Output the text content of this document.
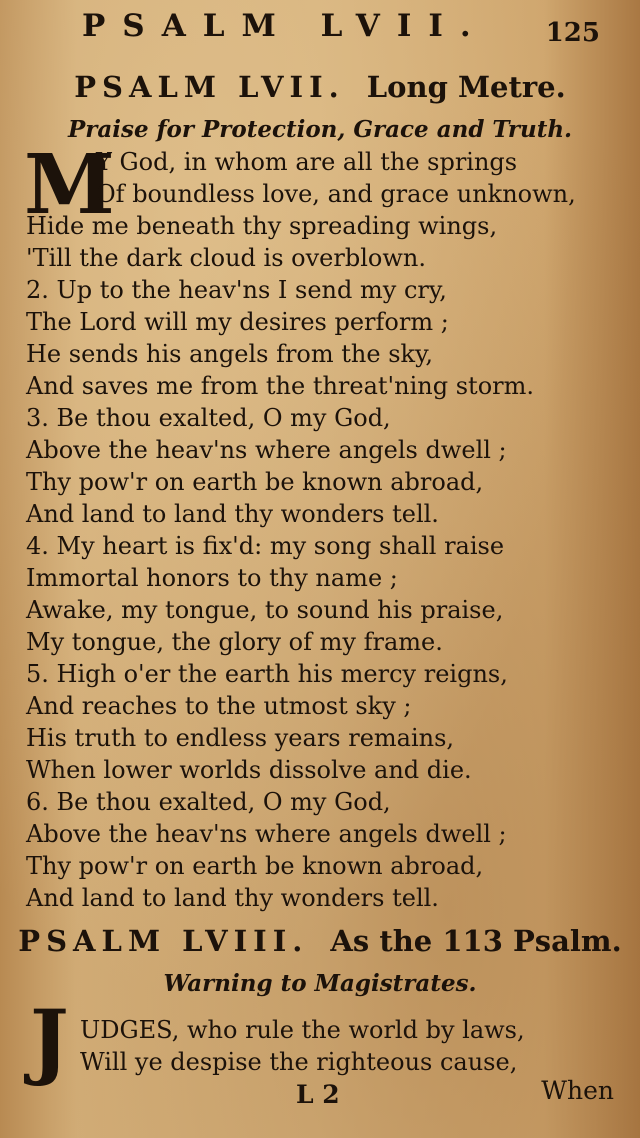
PSALM LVII. 125
PSALM LVII. Long Metre.
Praise for Protection, Grace and Truth.
M
Y God, in whom are all the springs
Of boundless love, and grace unknown,
Hide me beneath thy spreading wings,
'Till the dark cloud is overblown.
2. Up to the heav'ns I send my cry,
The Lord will my desires perform ;
He sends his angels from the sky,
And saves me from the threat'ning storm.
3. Be thou exalted, O my God,
Above the heav'ns where angels dwell ;
Thy pow'r on earth be known abroad,
And land to land thy wonders tell.
4. My heart is fix'd: my song shall raise
Immortal honors to thy name ;
Awake, my tongue, to sound his praise,
My tongue, the glory of my frame.
5. High o'er the earth his mercy reigns,
And reaches to the utmost sky ;
His truth to endless years remains,
When lower worlds dissolve and die.
6. Be thou exalted, O my God,
Above the heav'ns where angels dwell ;
Thy pow'r on earth be known abroad,
And land to land thy wonders tell.
PSALM LVIII. As the 113 Psalm.
Warning to Magistrates.
J UDGES, who rule the world by laws,
Will ye despise the righteous cause,
L 2	When
